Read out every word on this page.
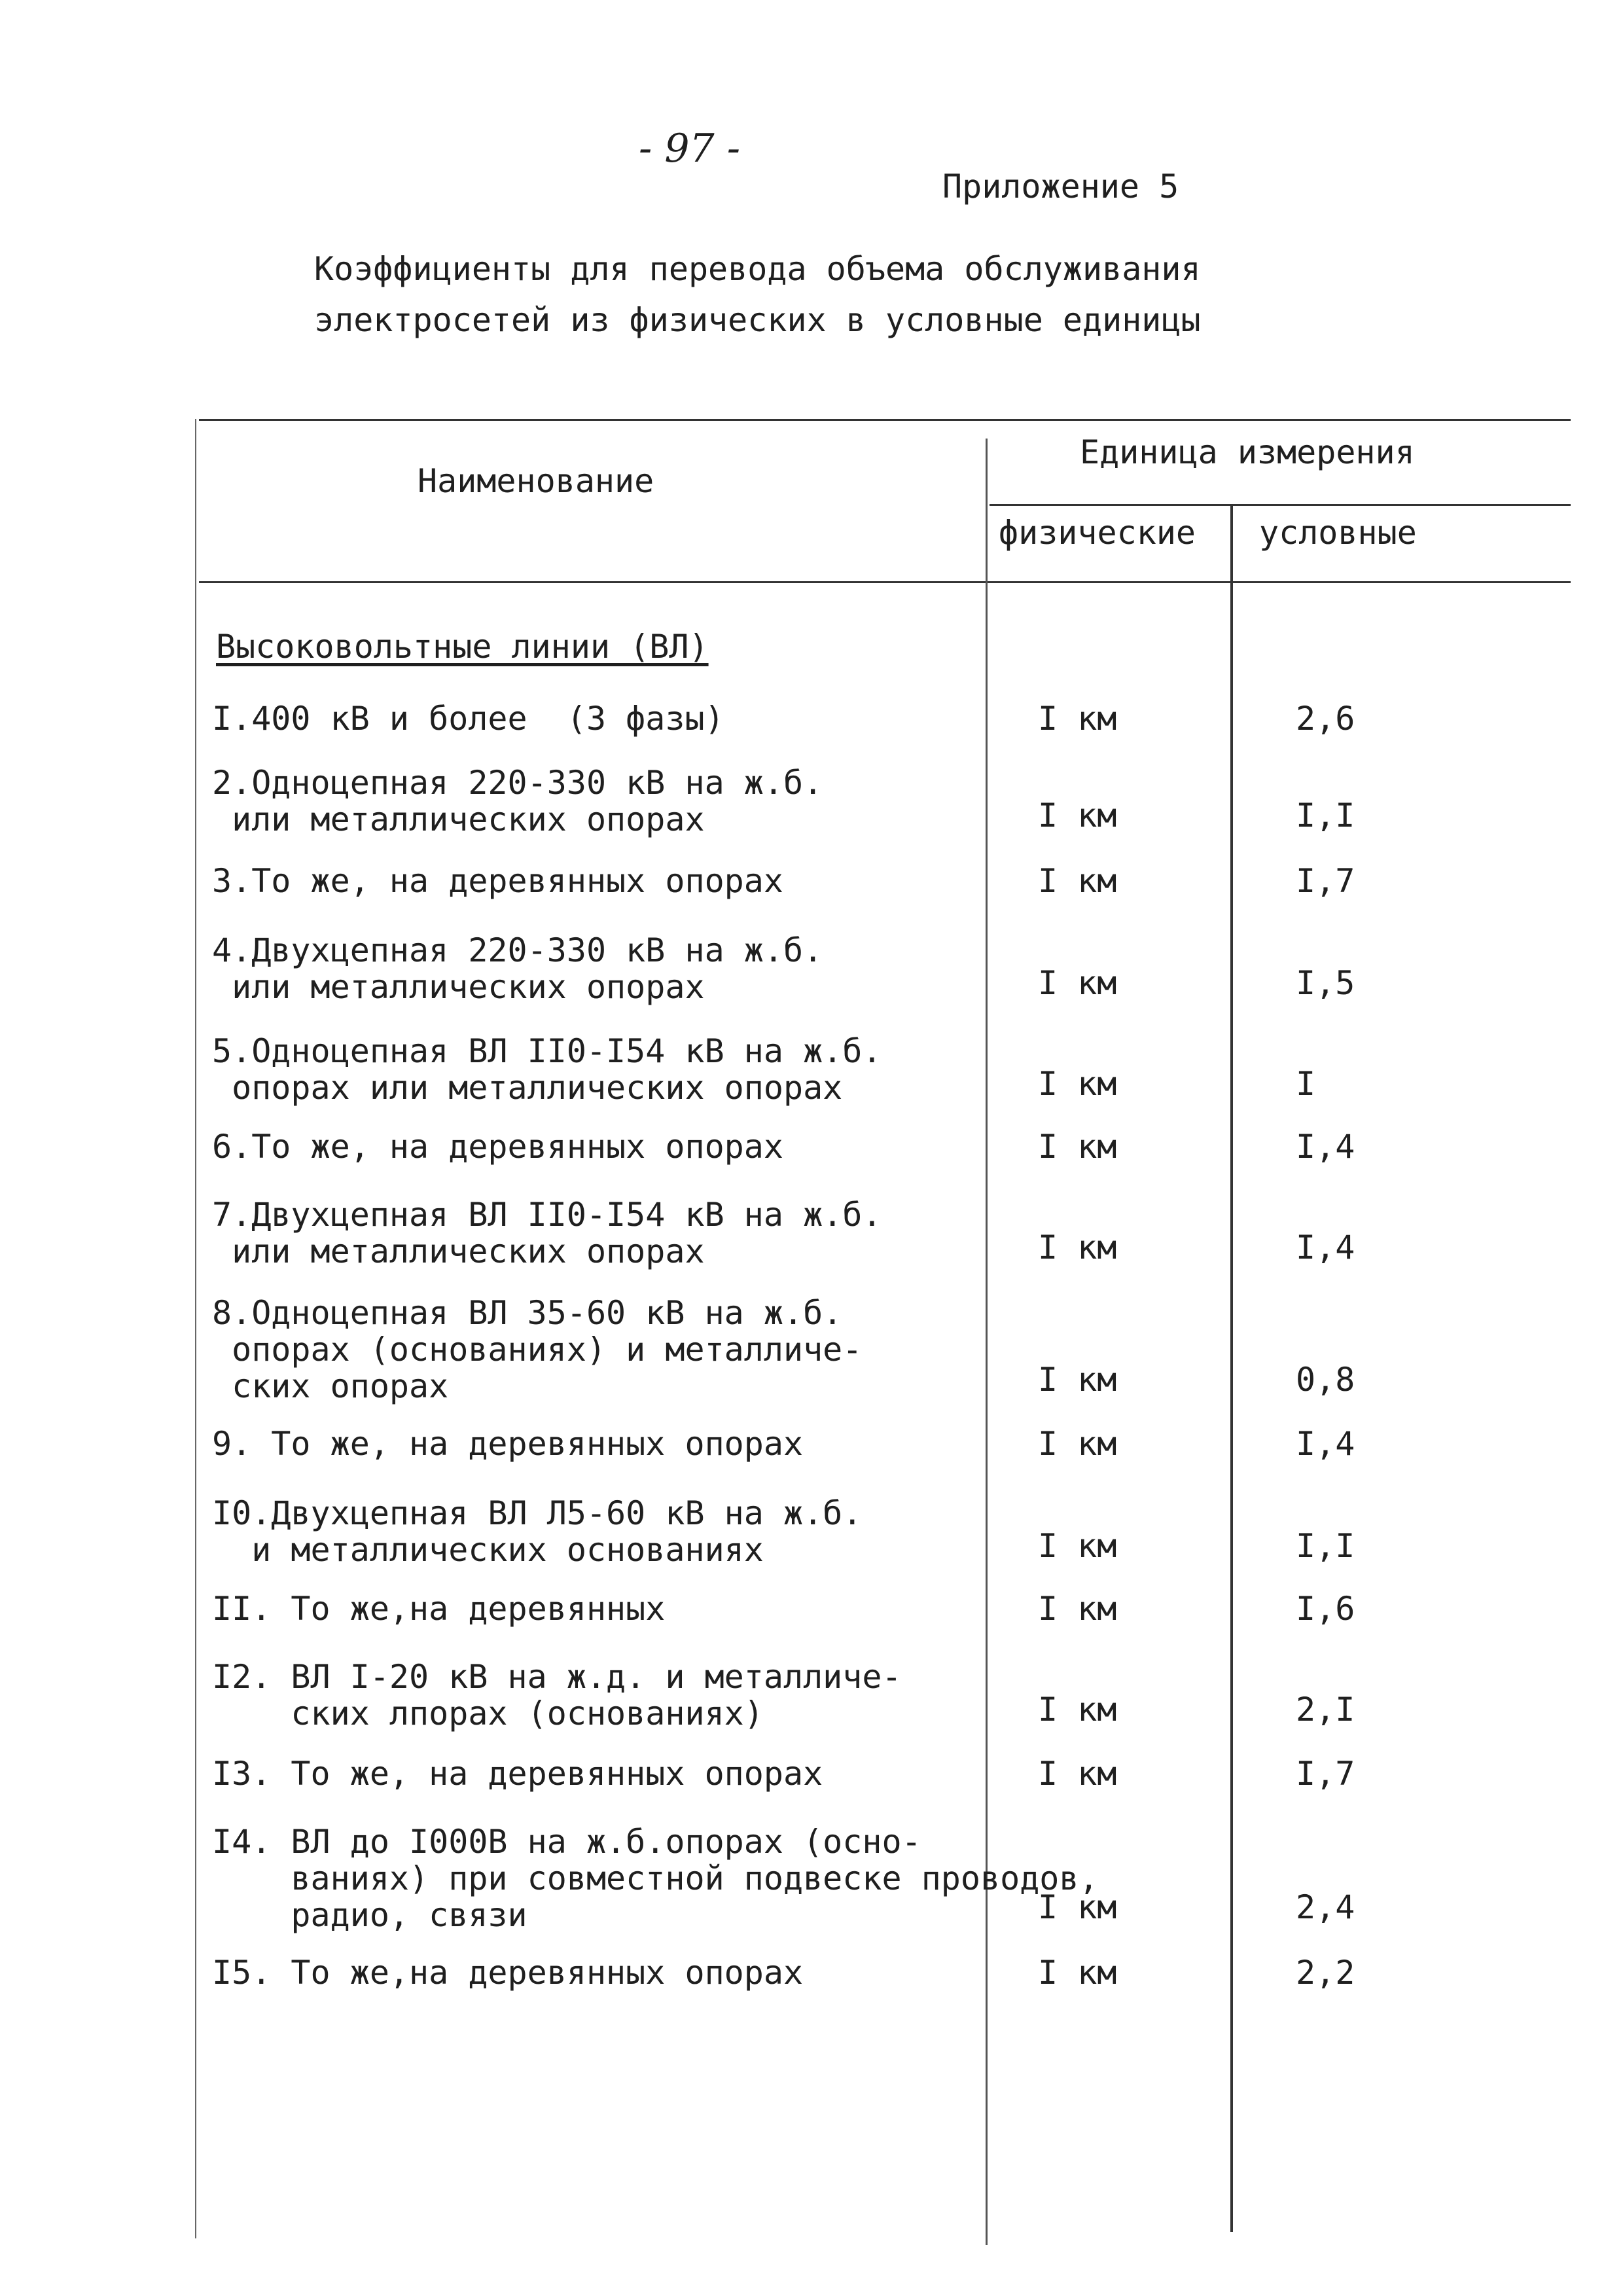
- 97 -
Приложение 5
Коэффициенты для перевода объема обслуживания
электросетей из физических в условные единицы
Наименование
Единица измерения
физические условные
Высоковольтные линии (ВЛ)
I.400 кВ и более  (3 фазы)	I км	2,6
2.Одноцепная 220-330 кВ на ж.б.
или металлических опорах	I км	I,I
3.То же, на деревянных опорах	I км	I,7
4.Двухцепная 220-330 кВ на ж.б.
или металлических опорах	I км	I,5
5.Одноцепная ВЛ II0-I54 кВ на ж.б.
опорах или металлических опорах	I км	I
6.То же, на деревянных опорах	I км	I,4
7.Двухцепная ВЛ II0-I54 кВ на ж.б.
или металлических опорах	I км	I,4
8.Одноцепная ВЛ 35-60 кВ на ж.б.
опорах (основаниях) и металличе-
ских опорах	I км	0,8
9. То же, на деревянных опорах	I км	I,4
I0.Двухцепная ВЛ Л5-60 кВ на ж.б.
и металлических основаниях	I км	I,I
II. То же,на деревянных	I км	I,6
I2. ВЛ I-20 кВ на ж.д. и металличе-
ских лпорах (основаниях)	I км	2,I
I3. То же, на деревянных опорах	I км	I,7
I4. ВЛ до I000В на ж.б.опорах (осно-
ваниях) при совместной подвеске проводов,
радио, связи	I км	2,4
I5. То же,на деревянных опорах	I км	2,2
